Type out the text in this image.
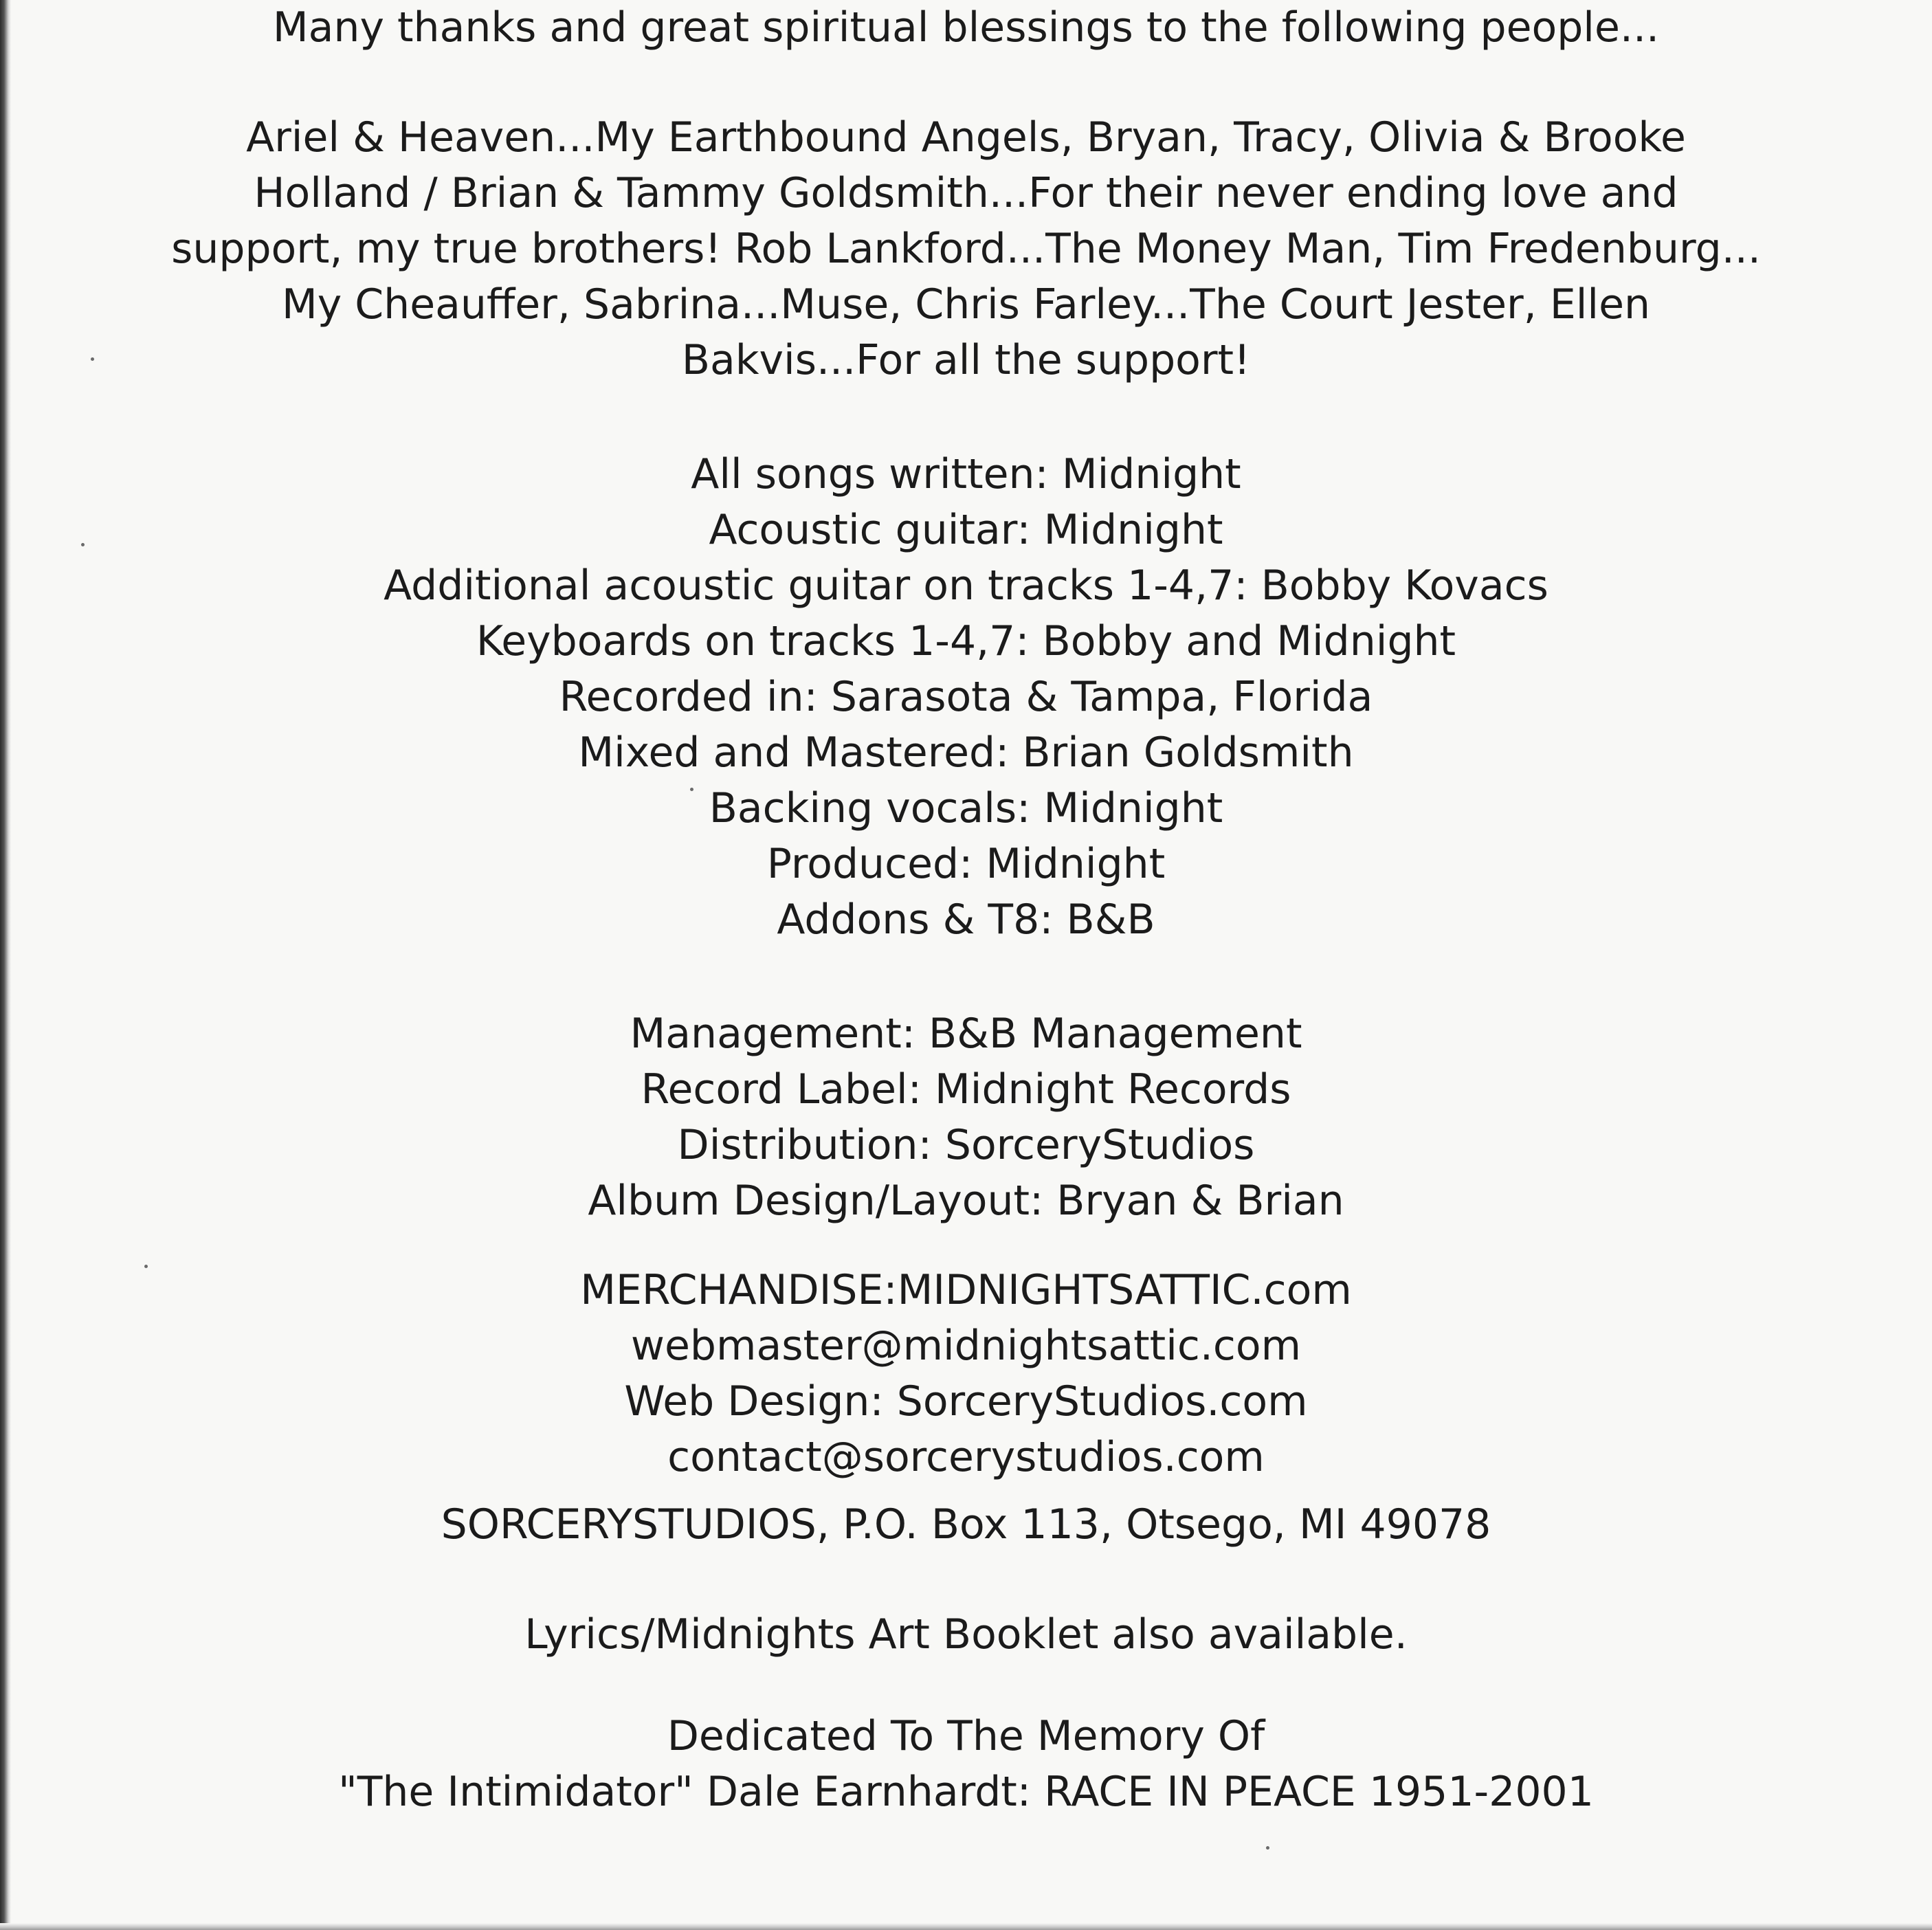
Many thanks and great spiritual blessings to the following people...

Ariel & Heaven...My Earthbound Angels, Bryan, Tracy, Olivia & Brooke

Holland / Brian & Tammy Goldsmith...For their never ending love and

support, my true brothers! Rob Lankford...The Money Man, Tim Fredenburg...

My Cheauffer, Sabrina...Muse, Chris Farley...The Court Jester, Ellen

Bakvis...For all the support!

All songs written: Midnight

Acoustic guitar: Midnight

Additional acoustic guitar on tracks 1-4,7: Bobby Kovacs

Keyboards on tracks 1-4,7: Bobby and Midnight

Recorded in: Sarasota & Tampa, Florida

Mixed and Mastered: Brian Goldsmith

Backing vocals: Midnight

Produced: Midnight

Addons & T8: B&B

Management: B&B Management

Record Label: Midnight Records

Distribution: SorceryStudios

Album Design/Layout: Bryan & Brian

MERCHANDISE:MIDNIGHTSATTIC.com

webmaster@midnightsattic.com

Web Design: SorceryStudios.com

contact@sorcerystudios.com

SORCERYSTUDIOS, P.O. Box 113, Otsego, MI 49078

Lyrics/Midnights Art Booklet also available.

Dedicated To The Memory Of

"The Intimidator" Dale Earnhardt: RACE IN PEACE 1951-2001
